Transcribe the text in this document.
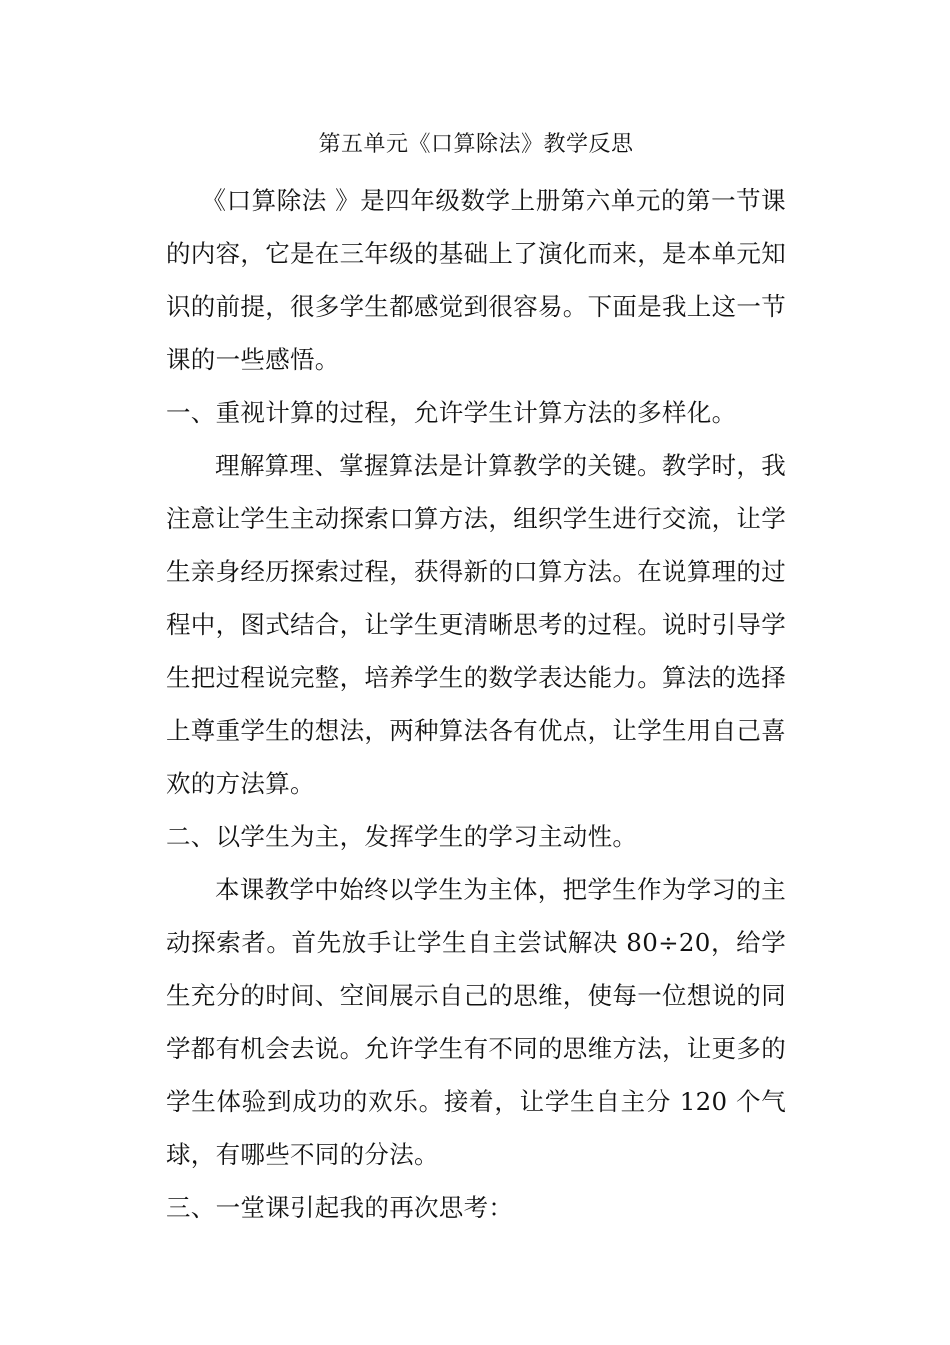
第五单元《口算除法》教学反思

《口算除法 》是四年级数学上册第六单元的第一节课的内容，它是在三年级的基础上了演化而来，是本单元知识的前提，很多学生都感觉到很容易。下面是我上这一节课的一些感悟。

一、重视计算的过程，允许学生计算方法的多样化。

理解算理、掌握算法是计算教学的关键。教学时，我注意让学生主动探索口算方法，组织学生进行交流，让学生亲身经历探索过程，获得新的口算方法。在说算理的过程中，图式结合，让学生更清晰思考的过程。说时引导学生把过程说完整，培养学生的数学表达能力。算法的选择上尊重学生的想法，两种算法各有优点，让学生用自己喜欢的方法算。

二、以学生为主，发挥学生的学习主动性。

本课教学中始终以学生为主体，把学生作为学习的主动探索者。首先放手让学生自主尝试解决 80÷20，给学生充分的时间、空间展示自己的思维，使每一位想说的同学都有机会去说。允许学生有不同的思维方法，让更多的学生体验到成功的欢乐。接着，让学生自主分 120 个气球，有哪些不同的分法。

三、一堂课引起我的再次思考：
